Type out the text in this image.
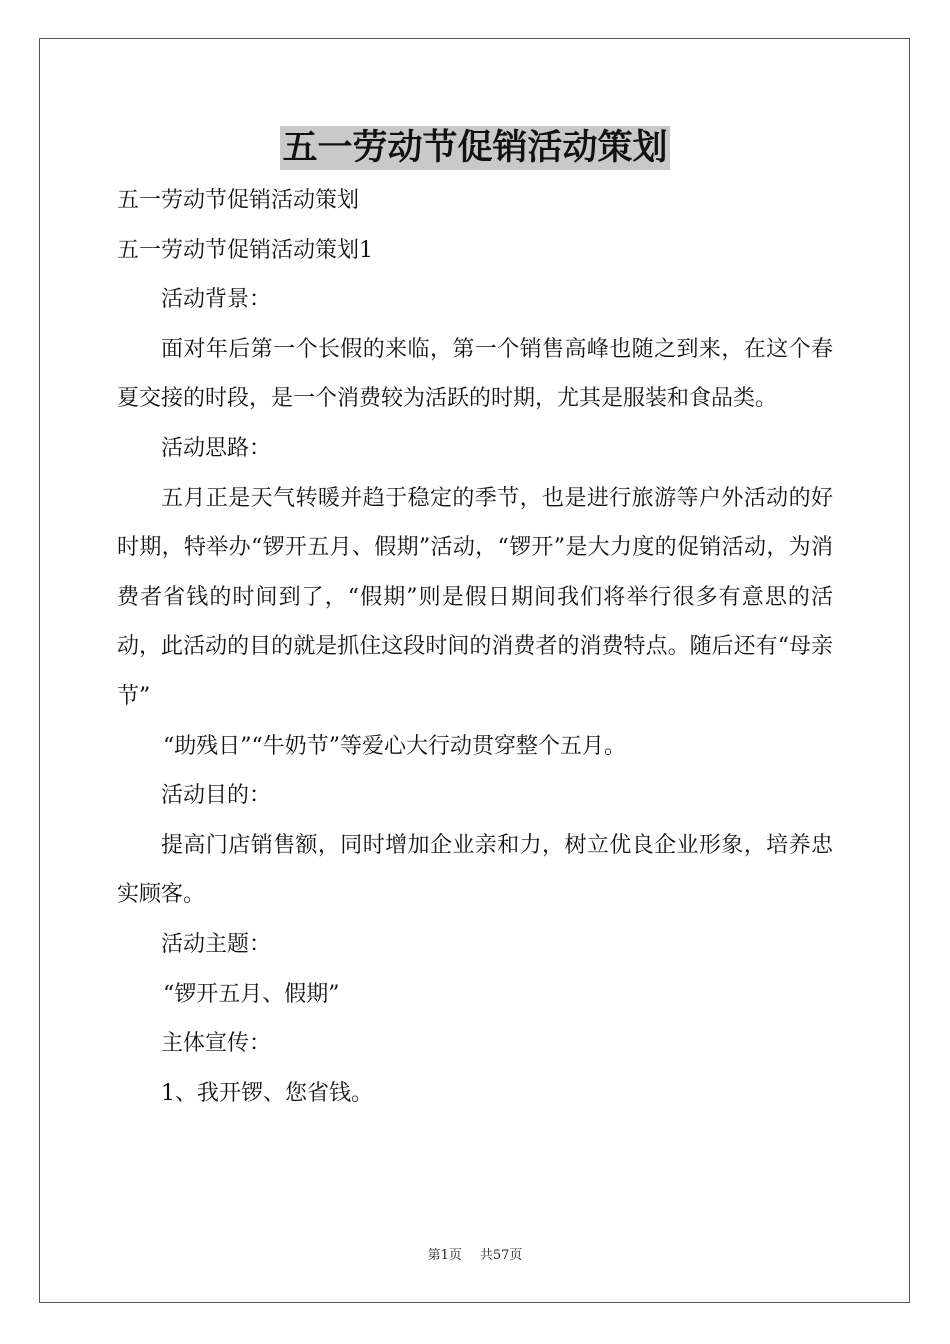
五一劳动节促销活动策划

五一劳动节促销活动策划

五一劳动节促销活动策划1

活动背景：

面对年后第一个长假的来临，第一个销售高峰也随之到来，在这个春夏交接的时段，是一个消费较为活跃的时期，尤其是服装和食品类。

活动思路：

五月正是天气转暖并趋于稳定的季节，也是进行旅游等户外活动的好时期，特举办“锣开五月、假期”活动，“锣开”是大力度的促销活动，为消费者省钱的时间到了，“假期”则是假日期间我们将举行很多有意思的活动，此活动的目的就是抓住这段时间的消费者的消费特点。随后还有“母亲节”

“助残日”“牛奶节”等爱心大行动贯穿整个五月。

活动目的：

提高门店销售额，同时增加企业亲和力，树立优良企业形象，培养忠实顾客。

活动主题：

“锣开五月、假期”

主体宣传：

1、我开锣、您省钱。

第1页 共57页
